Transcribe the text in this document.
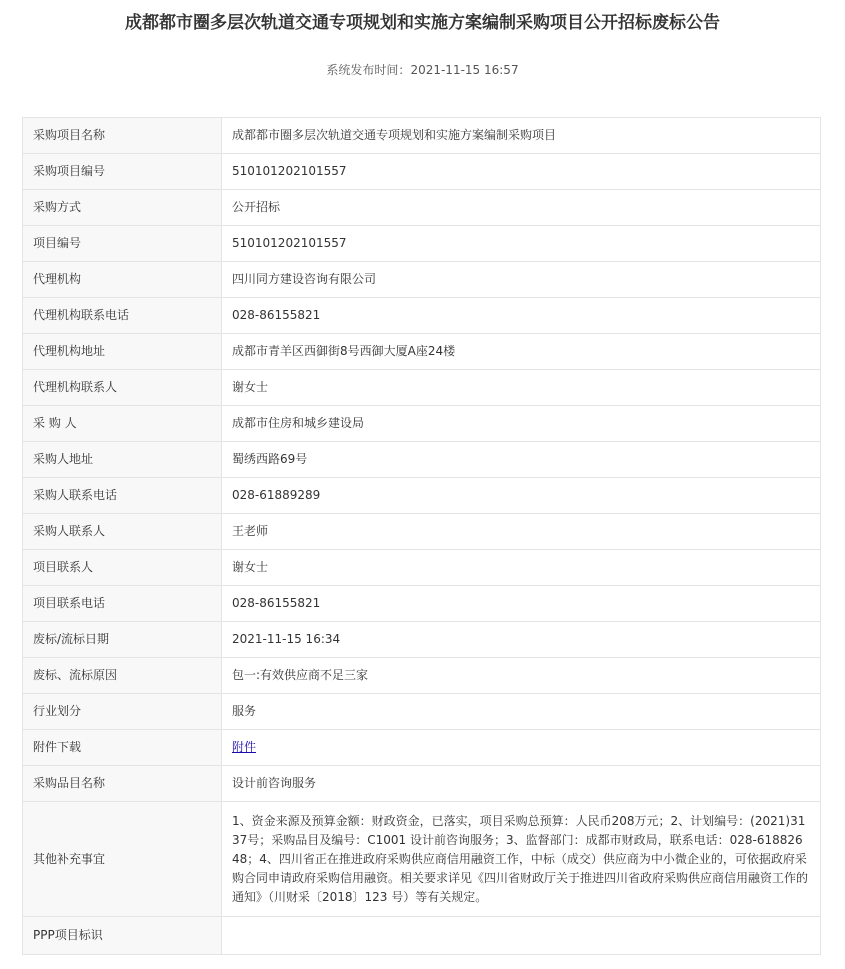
成都都市圈多层次轨道交通专项规划和实施方案编制采购项目公开招标废标公告
系统发布时间：2021-11-15 16:57
采购项目名称	成都都市圈多层次轨道交通专项规划和实施方案编制采购项目
采购项目编号	510101202101557
采购方式	公开招标
项目编号	510101202101557
代理机构	四川同方建设咨询有限公司
代理机构联系电话	028-86155821
代理机构地址	成都市青羊区西御街8号西御大厦A座24楼
代理机构联系人	谢女士
采 购 人	成都市住房和城乡建设局
采购人地址	蜀绣西路69号
采购人联系电话	028-61889289
采购人联系人	王老师
项目联系人	谢女士
项目联系电话	028-86155821
废标/流标日期	2021-11-15 16:34
废标、流标原因	包一:有效供应商不足三家
行业划分	服务
附件下载	附件
采购品目名称	设计前咨询服务
其他补充事宜	1、资金来源及预算金额：财政资金，已落实，项目采购总预算：人民币208万元；2、计划编号：(2021)3137号；采购品目及编号：C1001 设计前咨询服务；3、监督部门：成都市财政局，联系电话：028-61882648；4、四川省正在推进政府采购供应商信用融资工作，中标（成交）供应商为中小微企业的，可依据政府采购合同申请政府采购信用融资。相关要求详见《四川省财政厅关于推进四川省政府采购供应商信用融资工作的通知》（川财采〔2018〕123 号）等有关规定。
PPP项目标识	
